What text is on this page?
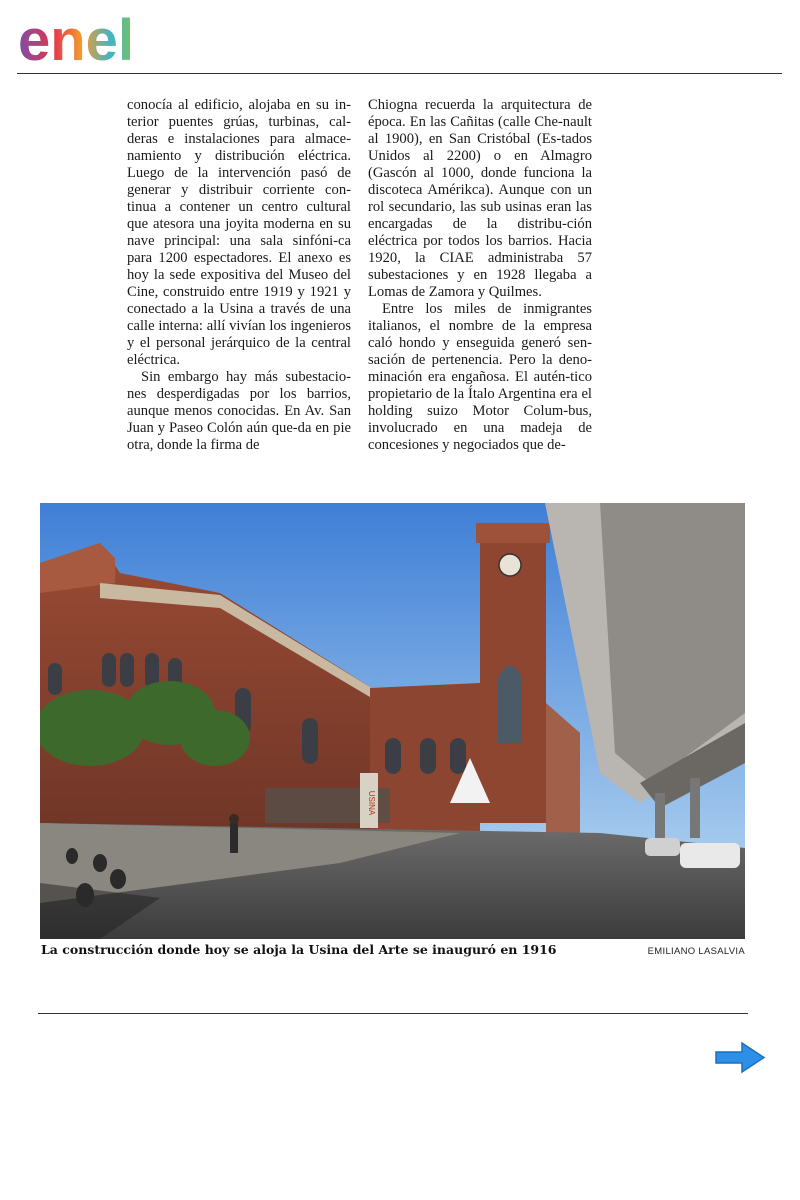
enel

conocía al edificio, alojaba en su in-terior puentes grúas, turbinas, cal-deras e instalaciones para almace-namiento y distribución eléctrica. Luego de la intervención pasó de generar y distribuir corriente con-tinua a contener un centro cultural que atesora una joyita moderna en su nave principal: una sala sinfóni-ca para 1200 espectadores. El anexo es hoy la sede expositiva del Museo del Cine, construido entre 1919 y 1921 y conectado a la Usina a través de una calle interna: allí vivían los ingenieros y el personal jerárquico de la central eléctrica.

Sin embargo hay más subestacio-nes desperdigadas por los barrios, aunque menos conocidas. En Av. San Juan y Paseo Colón aún que-da en pie otra, donde la firma de

Chiogna recuerda la arquitectura de época. En las Cañitas (calle Che-nault al 1900), en San Cristóbal (Es-tados Unidos al 2200) o en Almagro (Gascón al 1000, donde funciona la discoteca Amérikca). Aunque con un rol secundario, las sub usinas eran las encargadas de la distribu-ción eléctrica por todos los barrios. Hacia 1920, la CIAE administraba 57 subestaciones y en 1928 llegaba a Lomas de Zamora y Quilmes.

Entre los miles de inmigrantes italianos, el nombre de la empresa caló hondo y enseguida generó sen-sación de pertenencia. Pero la deno-minación era engañosa. El autén-tico propietario de la Ítalo Argentina era el holding suizo Motor Colum-bus, involucrado en una madeja de concesiones y negociados que de-

USINA
La construcción donde hoy se aloja la Usina del Arte se inauguró en 1916	EMILIANO LASALVIA
